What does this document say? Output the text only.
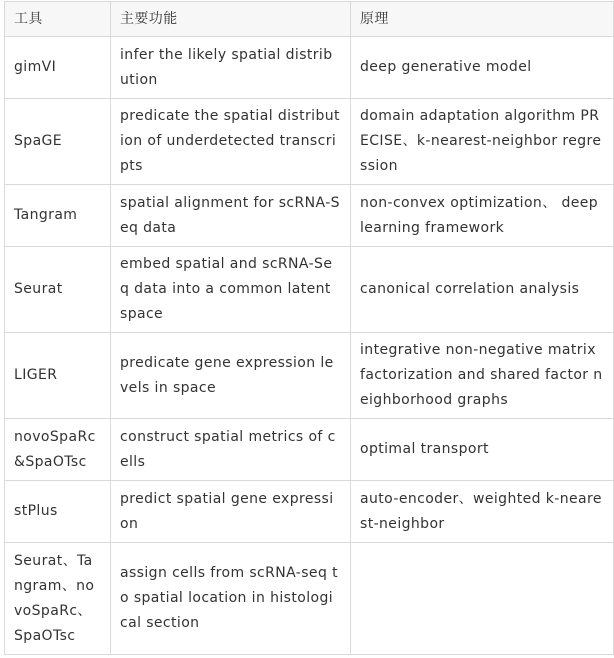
工具	主要功能	原理
gimVI	infer the likely spatial distribution	deep generative model
SpaGE	predicate the spatial distribution of underdetected transcripts	domain adaptation algorithm PRECISE、k-nearest-neighbor regression
Tangram	spatial alignment for scRNA-Seq data	non-convex optimization、 deep learning framework
Seurat	embed spatial and scRNA-Seq data into a common latent space	canonical correlation analysis
LIGER	predicate gene expression levels in space	integrative non-negative matrix factorization and shared factor neighborhood graphs
novoSpaRc&SpaOTsc	construct spatial metrics of cells	optimal transport
stPlus	predict spatial gene expression	auto-encoder、weighted k-nearest-neighbor
Seurat、Tangram、novoSpaRc、SpaOTsc	assign cells from scRNA-seq to spatial location in histological section	
